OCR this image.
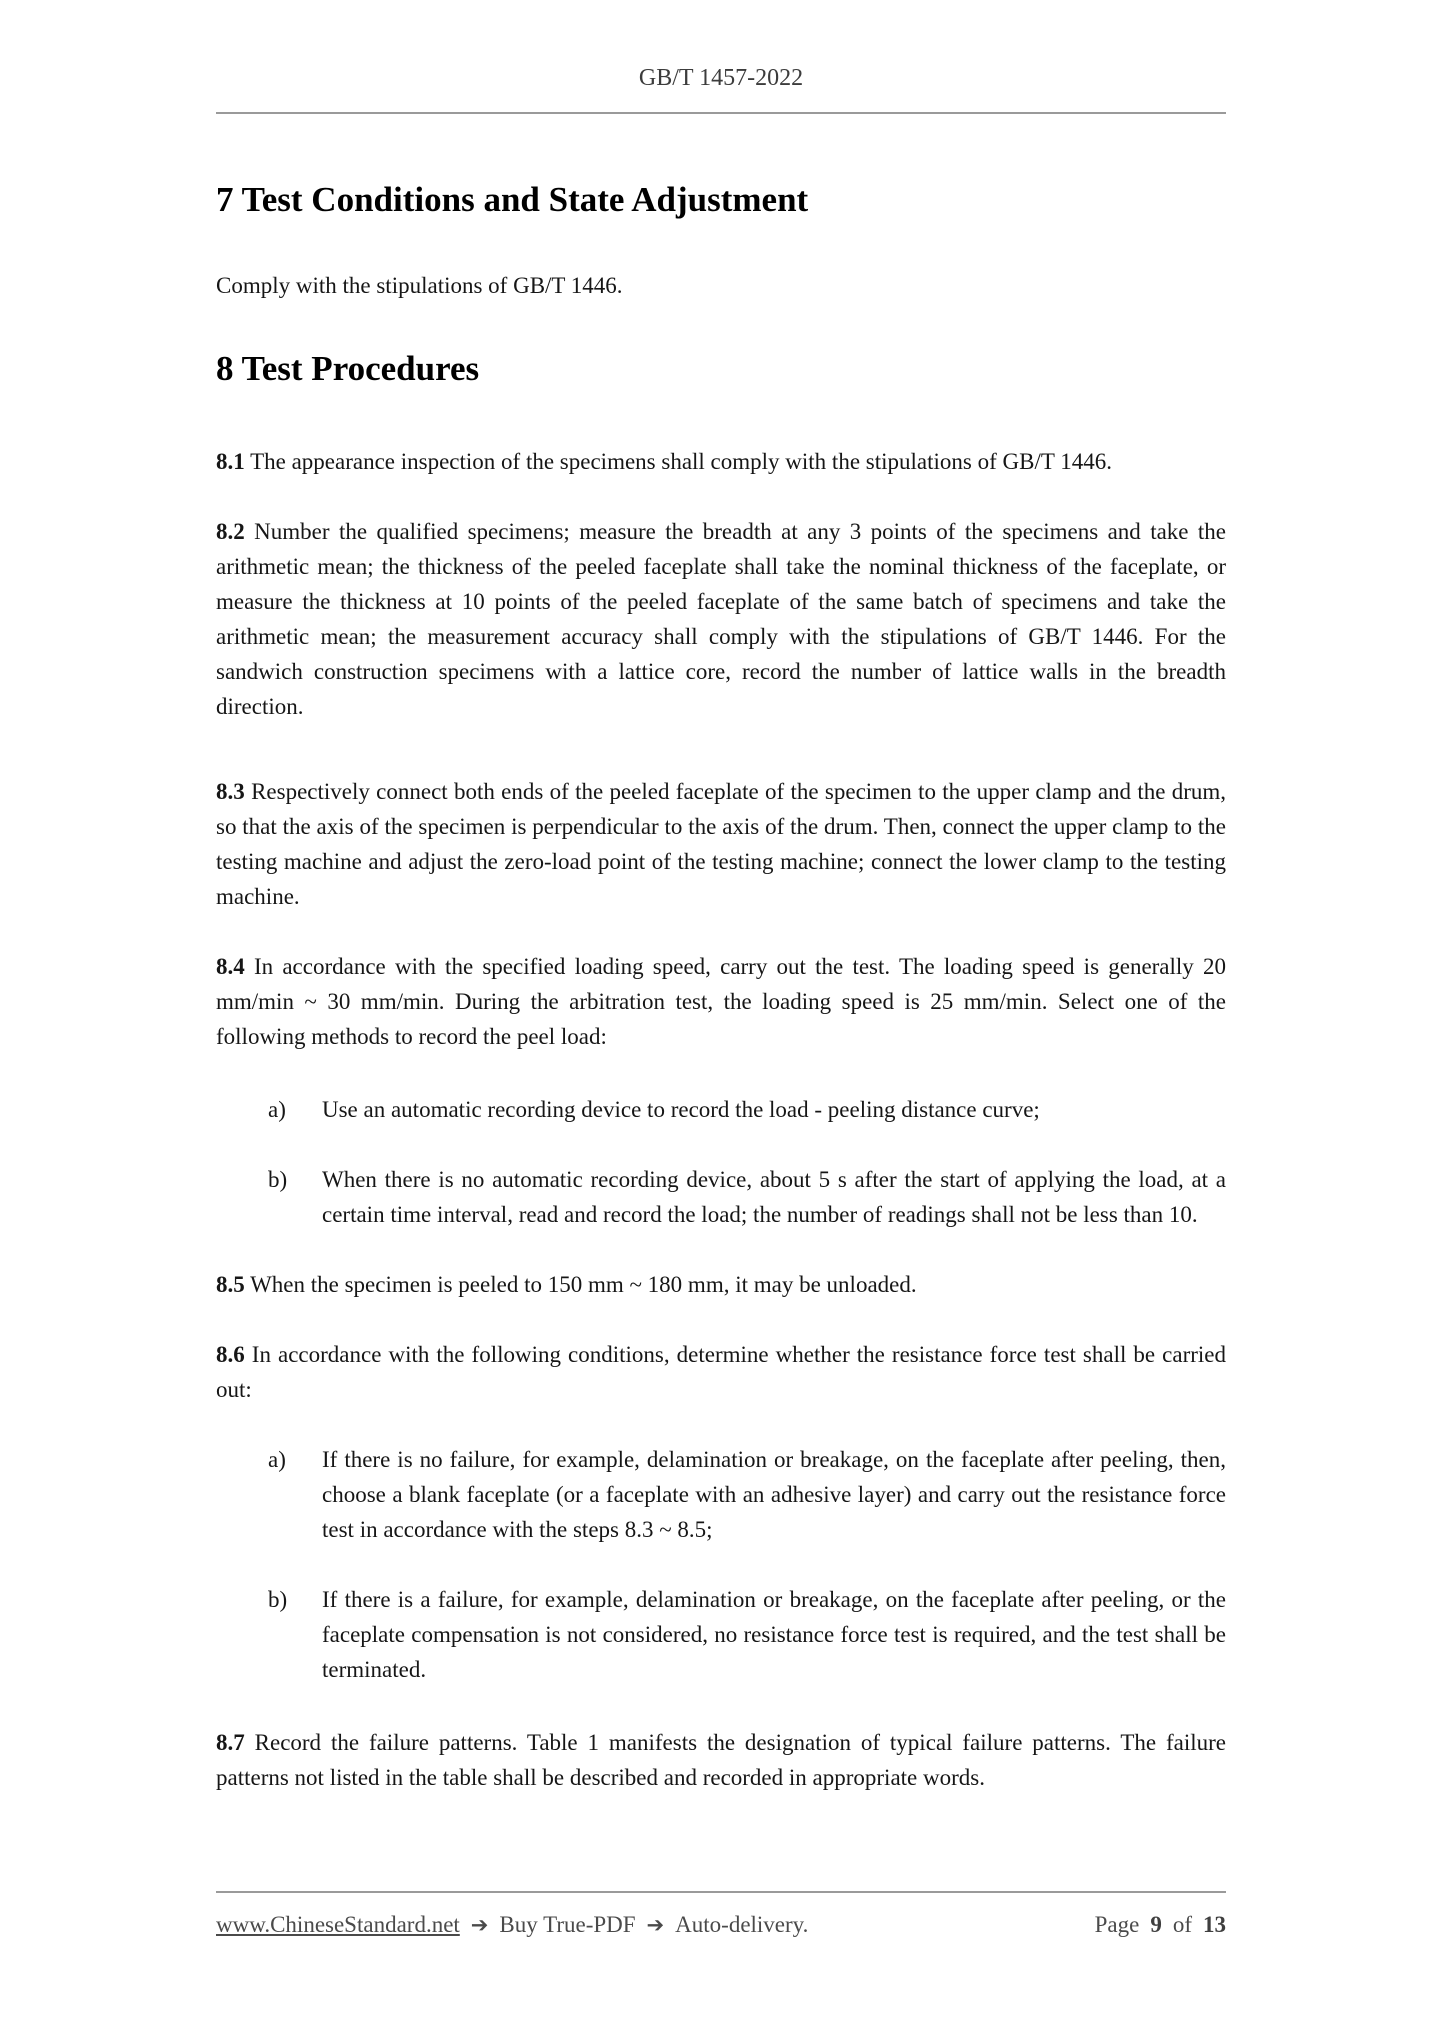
GB/T 1457-2022
7 Test Conditions and State Adjustment

Comply with the stipulations of GB/T 1446.

8 Test Procedures

8.1 The appearance inspection of the specimens shall comply with the stipulations of GB/T 1446.

8.2 Number the qualified specimens; measure the breadth at any 3 points of the specimens and take the arithmetic mean; the thickness of the peeled faceplate shall take the nominal thickness of the faceplate, or measure the thickness at 10 points of the peeled faceplate of the same batch of specimens and take the arithmetic mean; the measurement accuracy shall comply with the stipulations of GB/T 1446. For the sandwich construction specimens with a lattice core, record the number of lattice walls in the breadth direction.

8.3 Respectively connect both ends of the peeled faceplate of the specimen to the upper clamp and the drum, so that the axis of the specimen is perpendicular to the axis of the drum. Then, connect the upper clamp to the testing machine and adjust the zero-load point of the testing machine; connect the lower clamp to the testing machine.

8.4 In accordance with the specified loading speed, carry out the test. The loading speed is generally 20 mm/min ~ 30 mm/min. During the arbitration test, the loading speed is 25 mm/min. Select one of the following methods to record the peel load:

a) Use an automatic recording device to record the load - peeling distance curve;
b) When there is no automatic recording device, about 5 s after the start of applying the load, at a certain time interval, read and record the load; the number of readings shall not be less than 10.

8.5 When the specimen is peeled to 150 mm ~ 180 mm, it may be unloaded.

8.6 In accordance with the following conditions, determine whether the resistance force test shall be carried out:

a) If there is no failure, for example, delamination or breakage, on the faceplate after peeling, then, choose a blank faceplate (or a faceplate with an adhesive layer) and carry out the resistance force test in accordance with the steps 8.3 ~ 8.5;
b) If there is a failure, for example, delamination or breakage, on the faceplate after peeling, or the faceplate compensation is not considered, no resistance force test is required, and the test shall be terminated.

8.7 Record the failure patterns. Table 1 manifests the designation of typical failure patterns. The failure patterns not listed in the table shall be described and recorded in appropriate words.

www.ChineseStandard.net ➔ Buy True-PDF ➔ Auto-delivery.	Page 9 of 13
